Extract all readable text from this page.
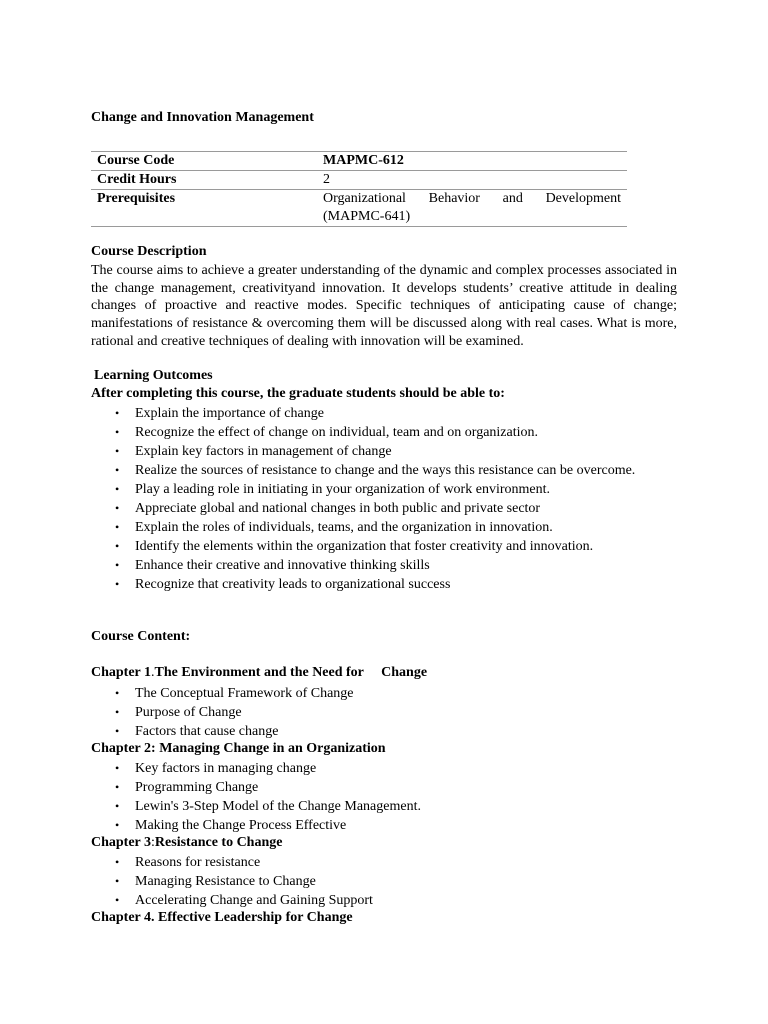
Change and Innovation Management
Course Code	MAPMC-612
Credit Hours	2
Prerequisites	Organizational Behavior and Development (MAPMC-641)
Course Description

The course aims to achieve a greater understanding of the dynamic and complex processes associated in the change management, creativityand innovation. It develops students’ creative attitude in dealing changes of proactive and reactive modes. Specific techniques of anticipating cause of change; manifestations of resistance & overcoming them will be discussed along with real cases. What is more, rational and creative techniques of dealing with innovation will be examined.

Learning Outcomes
After completing this course, the graduate students should be able to:
• Explain the importance of change
• Recognize the effect of change on individual, team and on organization.
• Explain key factors in management of change
• Realize the sources of resistance to change and the ways this resistance can be overcome.
• Play a leading role in initiating in your organization of work environment.
• Appreciate global and national changes in both public and private sector
• Explain the roles of individuals, teams, and the organization in innovation.
• Identify the elements within the organization that foster creativity and innovation.
• Enhance their creative and innovative thinking skills
• Recognize that creativity leads to organizational success
Course Content:
Chapter 1.The Environment and the Need for     Change
• The Conceptual Framework of Change
• Purpose of Change
• Factors that cause change
Chapter 2: Managing Change in an Organization
• Key factors in managing change
• Programming Change
• Lewin's 3-Step Model of the Change Management.
• Making the Change Process Effective
Chapter 3:Resistance to Change
• Reasons for resistance
• Managing Resistance to Change
• Accelerating Change and Gaining Support
Chapter 4. Effective Leadership for Change
